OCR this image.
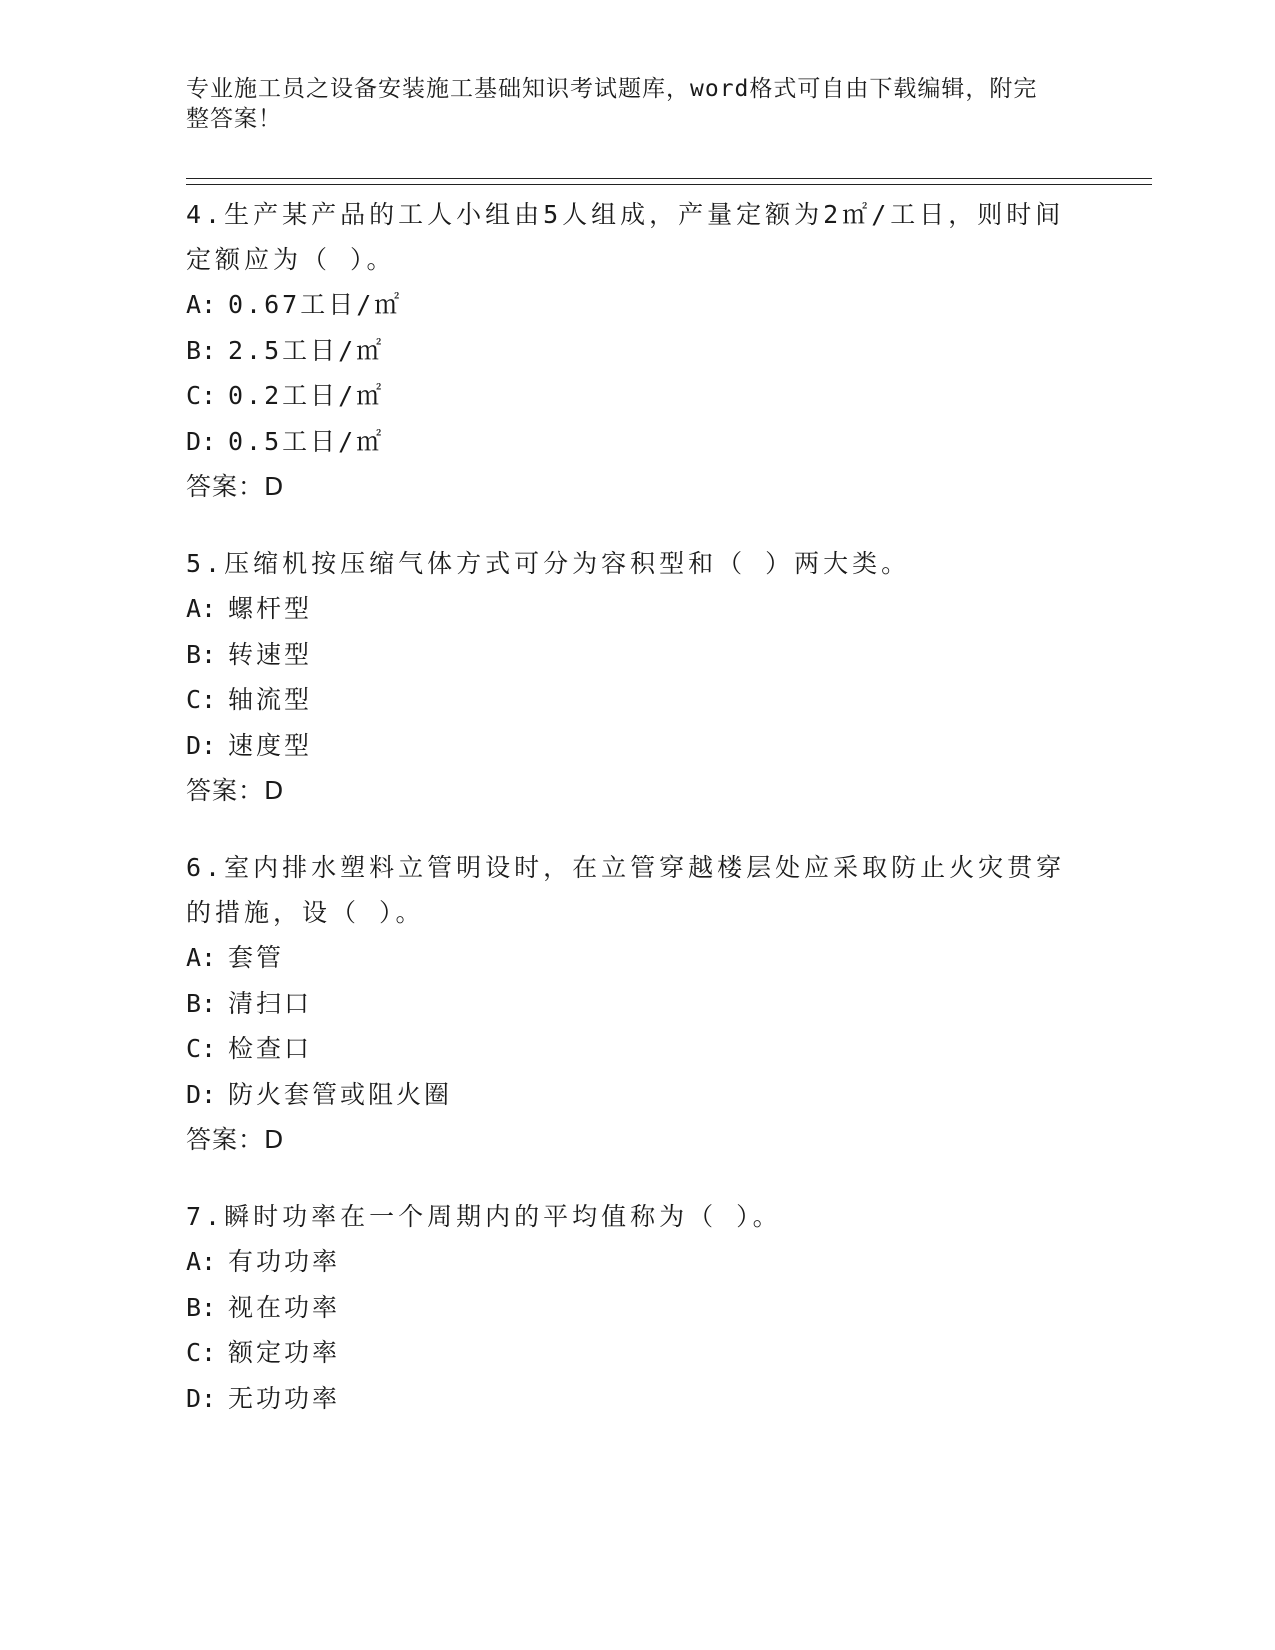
专业施工员之设备安装施工基础知识考试题库，word格式可自由下载编辑，附完
整答案！

4.生产某产品的工人小组由5人组成，产量定额为2㎡/工日，则时间定额应为（ ）。

A: 0.67工日/㎡

B: 2.5工日/㎡

C: 0.2工日/㎡

D: 0.5工日/㎡

答案：D

5.压缩机按压缩气体方式可分为容积型和（ ）两大类。

A: 螺杆型

B: 转速型

C: 轴流型

D: 速度型

答案：D

6.室内排水塑料立管明设时，在立管穿越楼层处应采取防止火灾贯穿的措施，设（ ）。

A: 套管

B: 清扫口

C: 检查口

D: 防火套管或阻火圈

答案：D

7.瞬时功率在一个周期内的平均值称为（ ）。

A: 有功功率

B: 视在功率

C: 额定功率

D: 无功功率
